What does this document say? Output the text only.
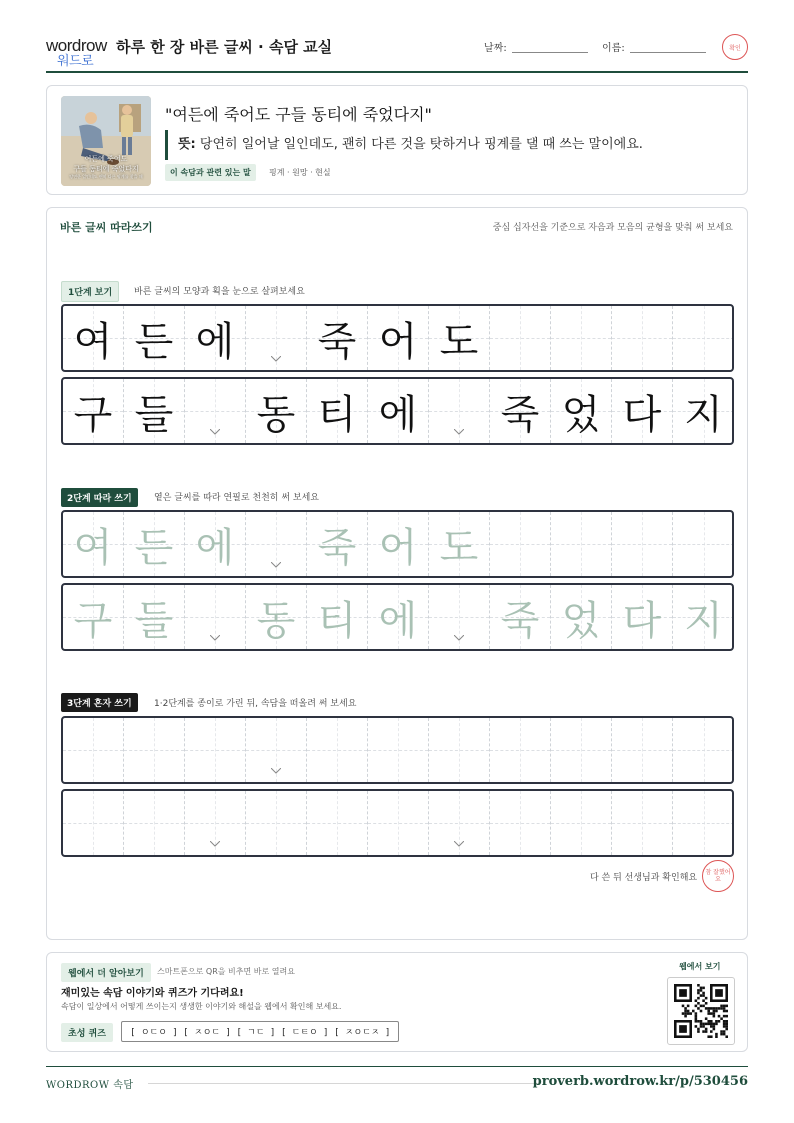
wordrow
워드로
하루 한 장 바른 글씨 · 속담 교실	날짜:	이름:	확인
여든에 죽어도
구들 동티에 죽었다지
당연한 일인데도 괜히 다른 핑계를 찾을 때
"여든에 죽어도 구들 동티에 죽었다지"
뜻: 당연히 일어날 일인데도, 괜히 다른 것을 탓하거나 핑계를 댈 때 쓰는 말이에요.
이 속담과 관련 있는 말	핑계 · 원망 · 현실
바른 글씨 따라쓰기	중심 십자선을 기준으로 자음과 모음의 균형을 맞춰 써 보세요
1단계 보기	바른 글씨의 모양과 획을 눈으로 살펴보세요
여 든 에 죽 어 도
구 들 동 티 에 죽 었 다 지
2단계 따라 쓰기	옅은 글씨를 따라 연필로 천천히 써 보세요
여 든 에 죽 어 도
구 들 동 티 에 죽 었 다 지
3단계 혼자 쓰기	1·2단계를 종이로 가린 뒤, 속담을 떠올려 써 보세요
다 쓴 뒤 선생님과 확인해요
참 잘했어요
웹에서 더 알아보기	스마트폰으로 QR을 비추면 바로 열려요
재미있는 속담 이야기와 퀴즈가 기다려요!
속담이 일상에서 어떻게 쓰이는지 생생한 이야기와 해설을 웹에서 확인해 보세요.
초성 퀴즈	[ ㅇㄷㅇ ] [ ㅈㅇㄷ ] [ ㄱㄷ ] [ ㄷㅌㅇ ] [ ㅈㅇㄷㅈ ]
웹에서 보기
WORDROW 속담	proverb.wordrow.kr/p/530456
